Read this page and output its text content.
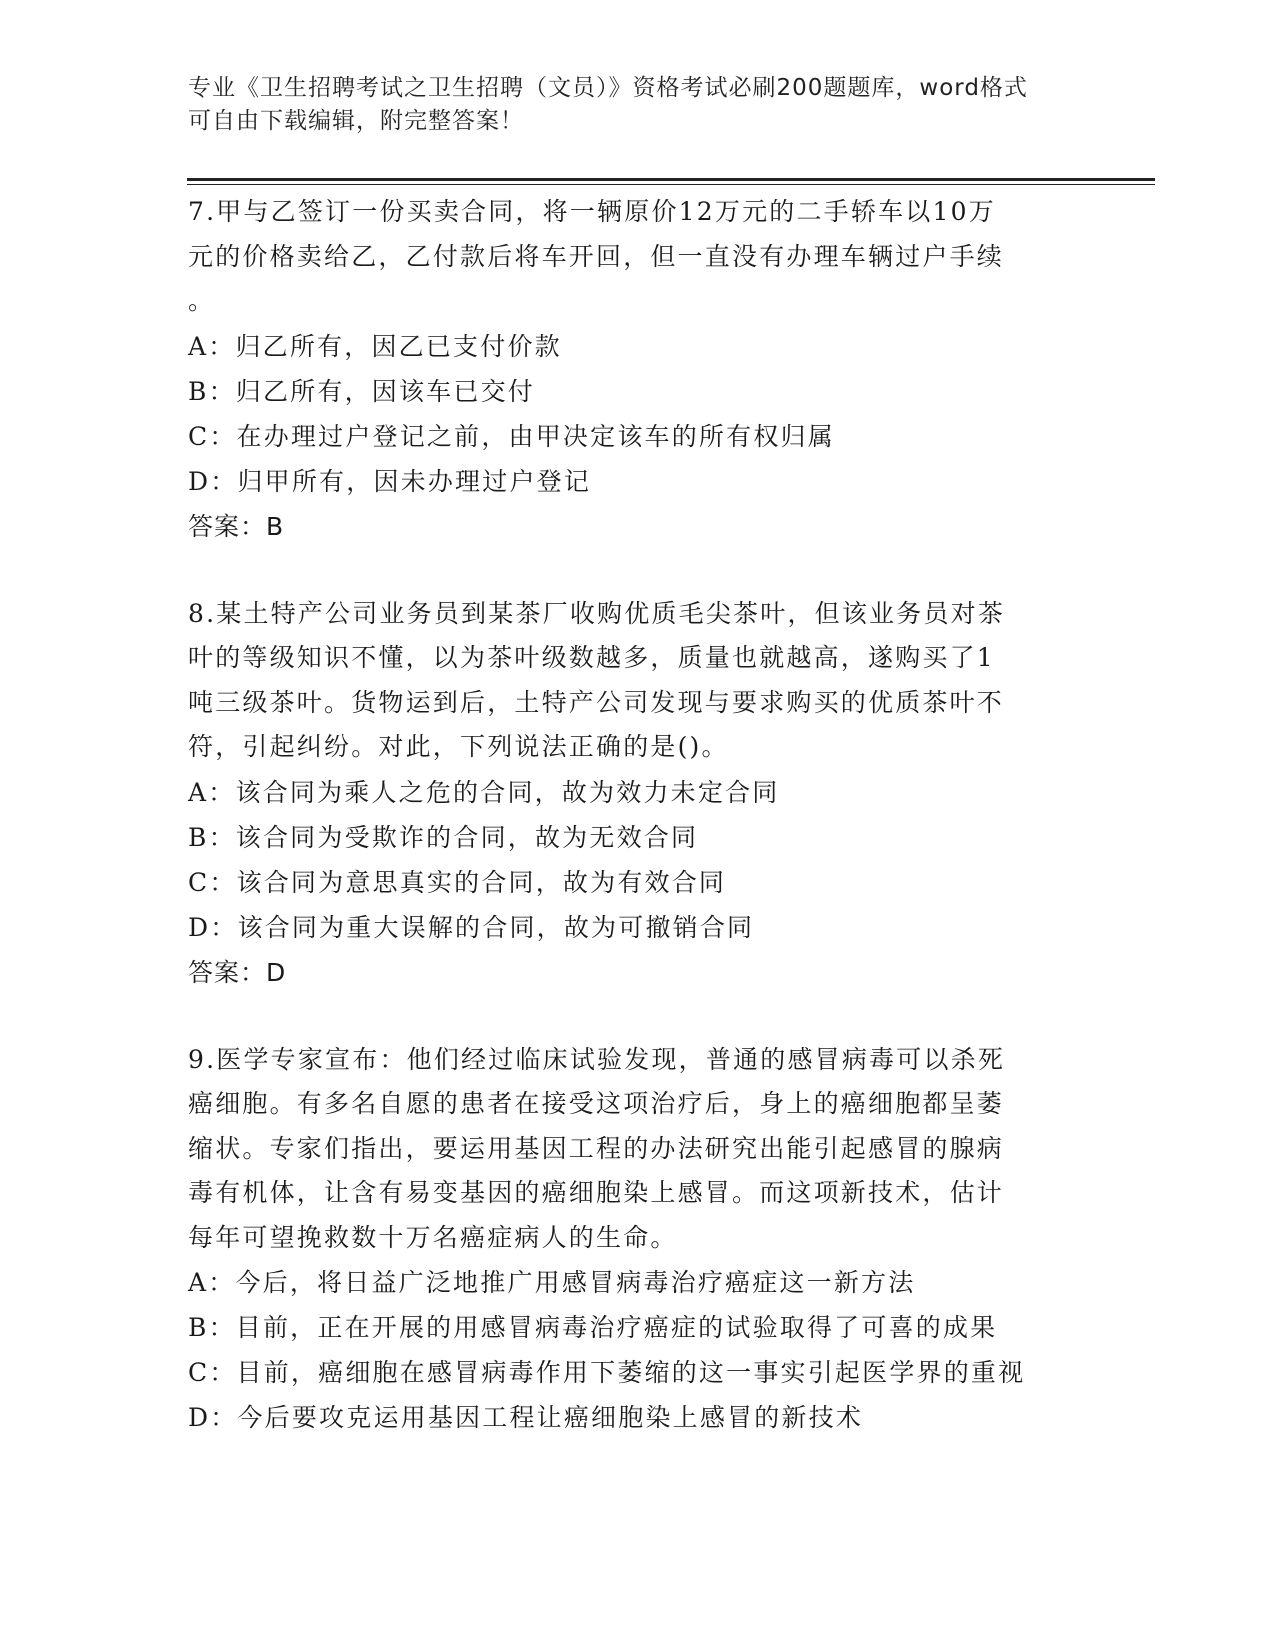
专业《卫生招聘考试之卫生招聘（文员）》资格考试必刷200题题库，word格式
可自由下载编辑，附完整答案！
7.甲与乙签订一份买卖合同，将一辆原价12万元的二手轿车以10万
元的价格卖给乙，乙付款后将车开回，但一直没有办理车辆过户手续
。
A：归乙所有，因乙已支付价款
B：归乙所有，因该车已交付
C：在办理过户登记之前，由甲决定该车的所有权归属
D：归甲所有，因未办理过户登记
答案：B
8.某土特产公司业务员到某茶厂收购优质毛尖茶叶，但该业务员对茶
叶的等级知识不懂，以为茶叶级数越多，质量也就越高，遂购买了1
吨三级茶叶。货物运到后，土特产公司发现与要求购买的优质茶叶不
符，引起纠纷。对此，下列说法正确的是()。
A：该合同为乘人之危的合同，故为效力未定合同
B：该合同为受欺诈的合同，故为无效合同
C：该合同为意思真实的合同，故为有效合同
D：该合同为重大误解的合同，故为可撤销合同
答案：D
9.医学专家宣布：他们经过临床试验发现，普通的感冒病毒可以杀死
癌细胞。有多名自愿的患者在接受这项治疗后，身上的癌细胞都呈萎
缩状。专家们指出，要运用基因工程的办法研究出能引起感冒的腺病
毒有机体，让含有易变基因的癌细胞染上感冒。而这项新技术，估计
每年可望挽救数十万名癌症病人的生命。
A：今后，将日益广泛地推广用感冒病毒治疗癌症这一新方法
B：目前，正在开展的用感冒病毒治疗癌症的试验取得了可喜的成果
C：目前，癌细胞在感冒病毒作用下萎缩的这一事实引起医学界的重视
D：今后要攻克运用基因工程让癌细胞染上感冒的新技术
